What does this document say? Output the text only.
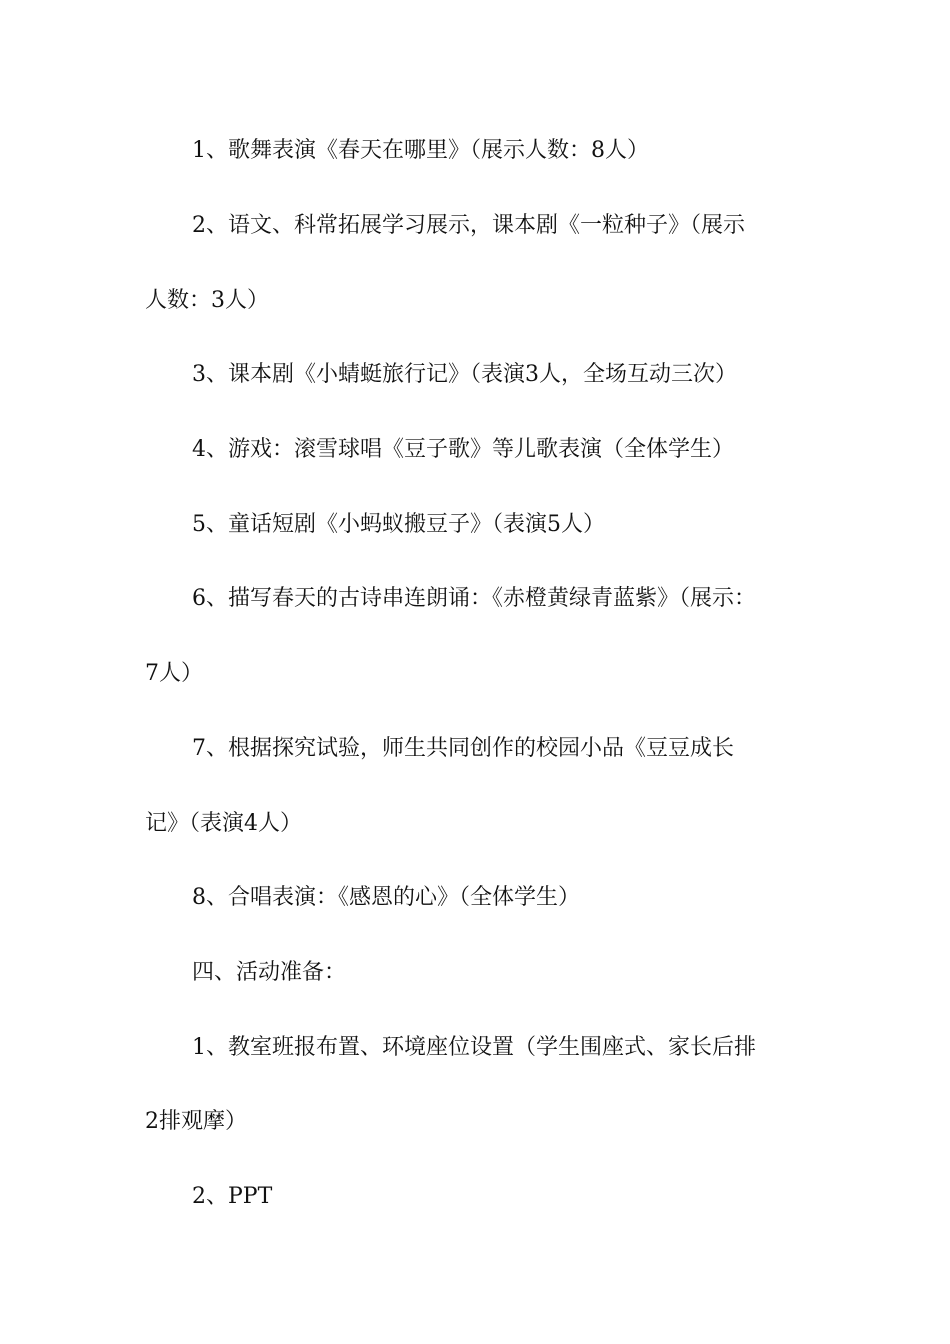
1、歌舞表演《春天在哪里》（展示人数：8人）
2、语文、科常拓展学习展示，课本剧《一粒种子》（展示
人数：3人）
3、课本剧《小蜻蜓旅行记》（表演3人，全场互动三次）
4、游戏：滚雪球唱《豆子歌》等儿歌表演（全体学生）
5、童话短剧《小蚂蚁搬豆子》（表演5人）
6、描写春天的古诗串连朗诵：《赤橙黄绿青蓝紫》（展示：
7人）
7、根据探究试验，师生共同创作的校园小品《豆豆成长
记》（表演4人）
8、合唱表演：《感恩的心》（全体学生）
四、活动准备：
1、教室班报布置、环境座位设置（学生围座式、家长后排
2排观摩）
2、PPT
